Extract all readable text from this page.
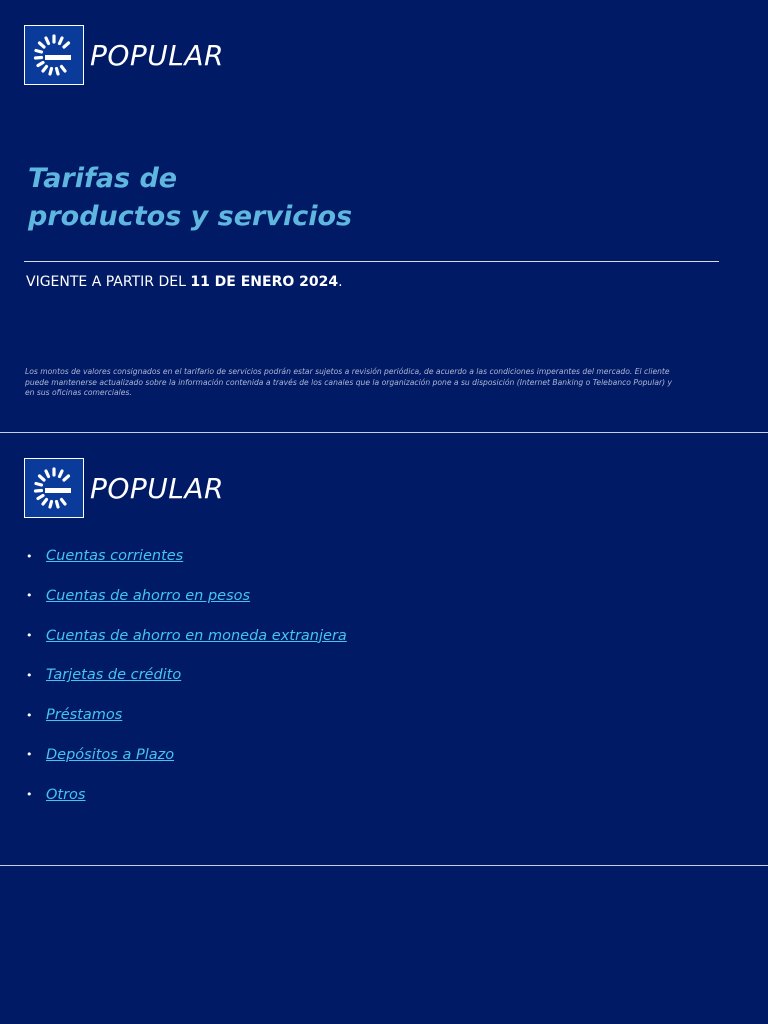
POPULAR
Tarifas de
productos y servicios

VIGENTE A PARTIR DEL 11 DE ENERO 2024.

Los montos de valores consignados en el tarifario de servicios podrán estar sujetos a revisión periódica, de acuerdo a las condiciones imperantes del mercado. El cliente puede mantenerse actualizado sobre la información contenida a través de los canales que la organización pone a su disposición (Internet Banking o Telebanco Popular) y en sus oficinas comerciales.

POPULAR
• Cuentas corrientes
• Cuentas de ahorro en pesos
• Cuentas de ahorro en moneda extranjera
• Tarjetas de crédito
• Préstamos
• Depósitos a Plazo
• Otros
